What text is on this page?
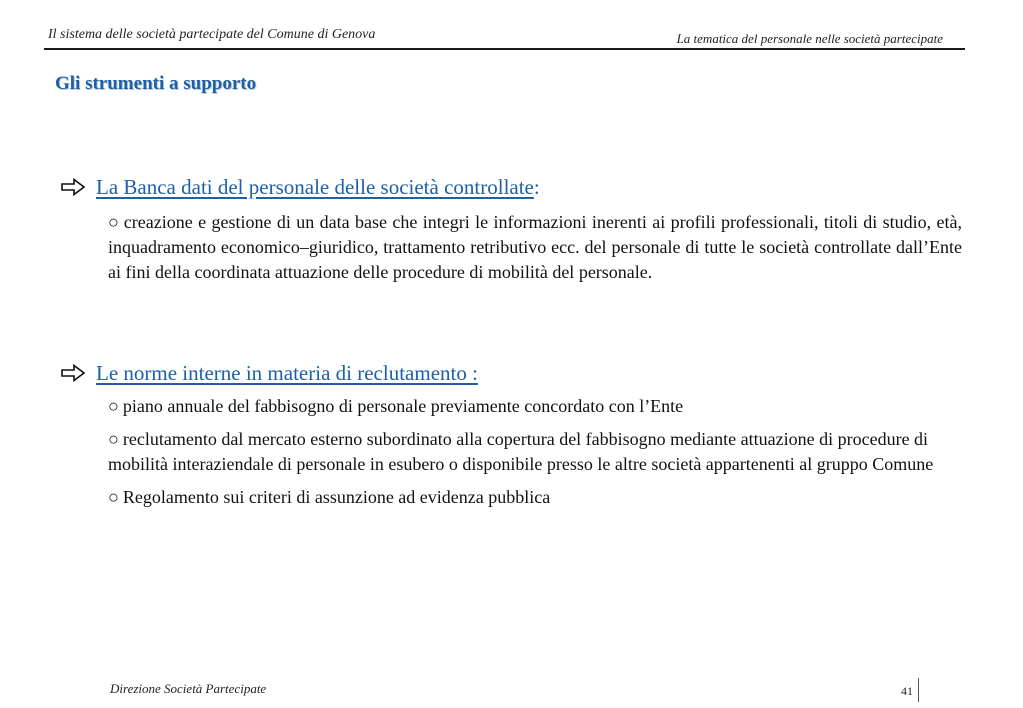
Il sistema delle società partecipate del Comune di Genova	La tematica del personale nelle società partecipate
Gli strumenti a supporto
La Banca dati del personale delle società controllate :
○ creazione e gestione di un data base che integri le informazioni inerenti ai profili professionali, titoli di studio, età, inquadramento economico–giuridico, trattamento retributivo ecc. del personale di tutte le società controllate dall’Ente ai fini della coordinata attuazione delle procedure di mobilità del personale.
Le norme interne in materia di reclutamento :
○ piano annuale del fabbisogno di personale previamente concordato con l’Ente
○ reclutamento dal mercato esterno subordinato alla copertura del fabbisogno mediante attuazione di procedure di mobilità interaziendale di personale in esubero o disponibile presso le altre società appartenenti al gruppo Comune
○ Regolamento sui criteri di assunzione ad evidenza pubblica
Direzione Società Partecipate	41
